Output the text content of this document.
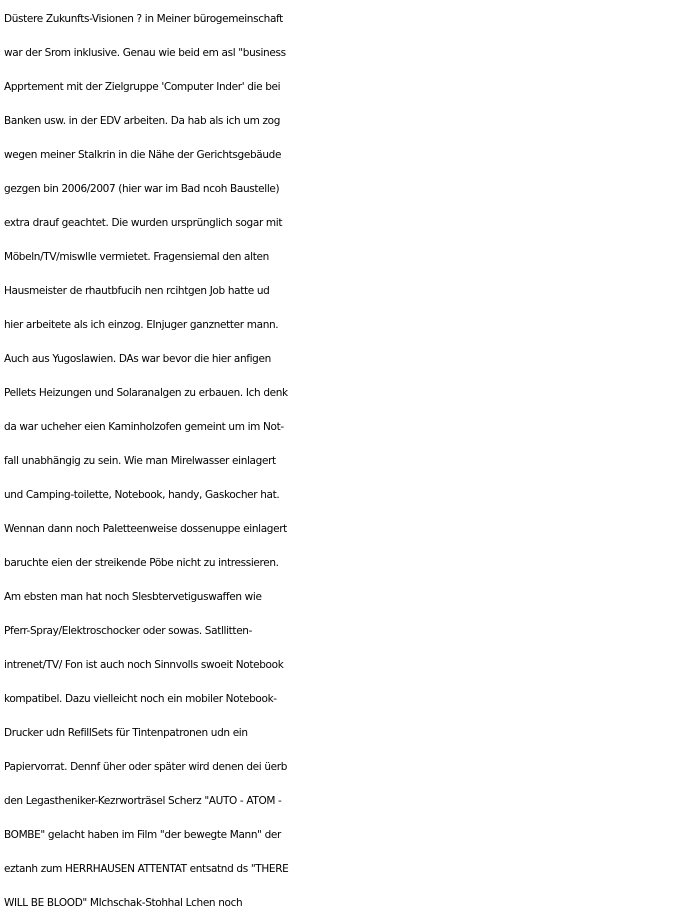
Düstere Zukunfts-Visionen ? in Meiner bürogemeinschaft
war der Srom inklusive. Genau wie beid em asl "business
Apprtement mit der Zielgruppe 'Computer Inder' die bei
Banken usw. in der EDV arbeiten. Da hab als ich um zog
wegen meiner Stalkrin in die Nähe der Gerichtsgebäude
gezgen bin 2006/2007 (hier war im Bad ncoh Baustelle)
extra drauf geachtet. Die wurden ursprünglich sogar mit
Möbeln/TV/miswlle vermietet. Fragensiemal den alten
Hausmeister de rhautbfucih nen rcihtgen Job hatte ud
hier arbeitete als ich einzog. EInjuger ganznetter mann.
Auch aus Yugoslawien. DAs war bevor die hier anfigen
Pellets Heizungen und Solaranalgen zu erbauen. Ich denk
da war ucheher eien Kaminholzofen gemeint um im Not-
fall unabhängig zu sein. Wie man Mirelwasser einlagert
und Camping-toilette, Notebook, handy, Gaskocher hat.
Wennan dann noch Paletteenweise dossenuppe einlagert
baruchte eien der streikende Pöbe nicht zu intressieren.
Am ebsten man hat noch Slesbtervetiguswaffen wie
Pferr-Spray/Elektroschocker oder sowas. Satllitten-
intrenet/TV/ Fon ist auch noch Sinnvolls swoeit Notebook
kompatibel. Dazu vielleicht noch ein mobiler Notebook-
Drucker udn RefillSets für Tintenpatronen udn ein
Papiervorrat. Dennf üher oder später wird denen dei üerb
den Legastheniker-Kezrworträsel Scherz "AUTO - ATOM -
BOMBE" gelacht haben im Film "der bewegte Mann" der
eztanh zum HERRHAUSEN ATTENTAT entsatnd ds "THERE
WILL BE BLOOD" MIchschak-Stohhal Lchen noch
